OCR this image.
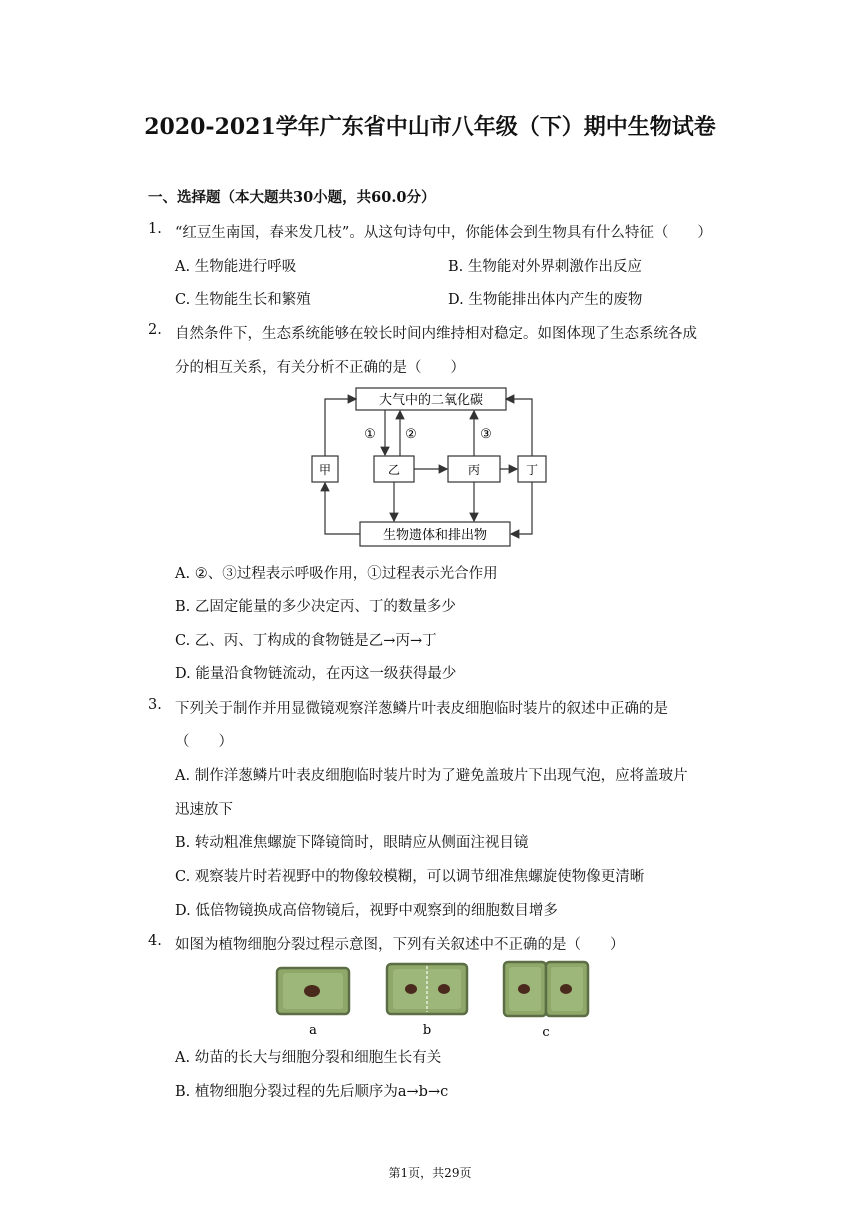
2020-2021学年广东省中山市八年级（下）期中生物试卷
一、选择题（本大题共30小题，共60.0分）
1. “红豆生南国，春来发几枝”。从这句诗句中，你能体会到生物具有什么特征（　　）
A. 生物能进行呼吸	B. 生物能对外界刺激作出反应
C. 生物能生长和繁殖	D. 生物能排出体内产生的废物
2. 自然条件下，生态系统能够在较长时间内维持相对稳定。如图体现了生态系统各成
分的相互关系，有关分析不正确的是（　　）
大气中的二氧化碳
甲	乙	丙	丁
生物遗体和排出物
① ②	③
A. ②、③过程表示呼吸作用，①过程表示光合作用
B. 乙固定能量的多少决定丙、丁的数量多少
C. 乙、丙、丁构成的食物链是乙→丙→丁
D. 能量沿食物链流动，在丙这一级获得最少
3. 下列关于制作并用显微镜观察洋葱鳞片叶表皮细胞临时装片的叙述中正确的是
（　　）
A. 制作洋葱鳞片叶表皮细胞临时装片时为了避免盖玻片下出现气泡，应将盖玻片
迅速放下
B. 转动粗准焦螺旋下降镜筒时，眼睛应从侧面注视目镜
C. 观察装片时若视野中的物像较模糊，可以调节细准焦螺旋使物像更清晰
D. 低倍物镜换成高倍物镜后，视野中观察到的细胞数目增多
4. 如图为植物细胞分裂过程示意图，下列有关叙述中不正确的是（　　）
a	b	c
A. 幼苗的长大与细胞分裂和细胞生长有关
B. 植物细胞分裂过程的先后顺序为a→b→c
第1页，共29页
